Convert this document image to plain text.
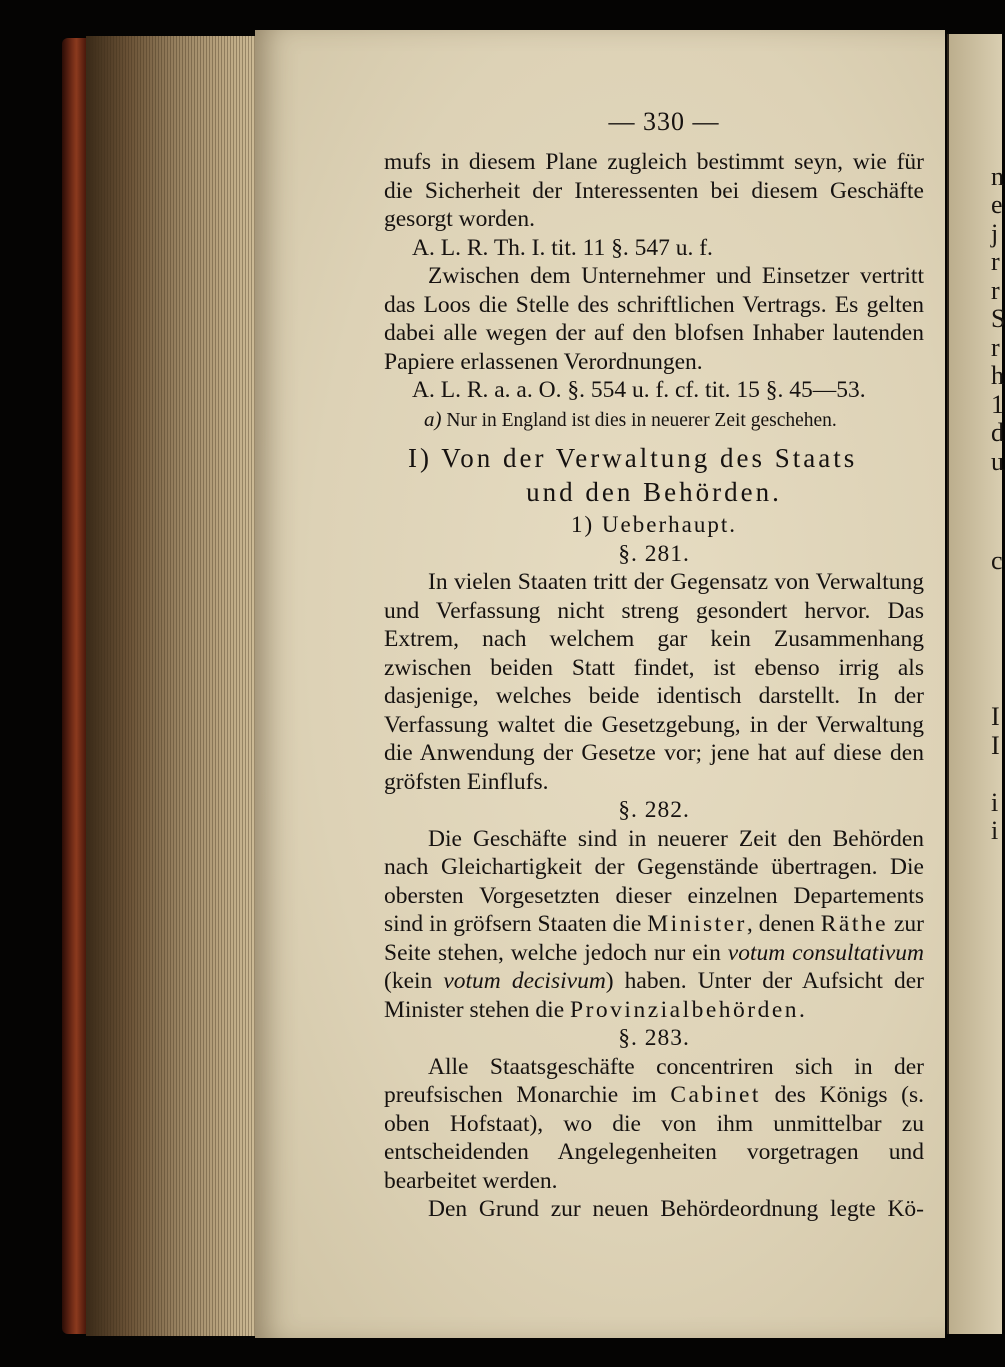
n
e
j
r
r
S
r
h
1
d
u
c
I
I
i
i
— 330 —
mufs in diesem Plane zugleich bestimmt seyn, wie für
die Sicherheit der Interessenten bei diesem Geschäfte
gesorgt worden.
A. L. R. Th. I. tit. 11 §. 547 u. f.
Zwischen dem Unternehmer und Einsetzer vertritt das Loos die Stelle des schriftlichen Vertrags. Es gelten dabei alle wegen der auf den blofsen Inhaber lautenden Papiere erlassenen Verordnungen.
A. L. R. a. a. O. §. 554 u. f. cf. tit. 15 §. 45—53.
a) Nur in England ist dies in neuerer Zeit geschehen.
I) Von der Verwaltung des Staats
und den Behörden.
1) Ueberhaupt.
§. 281.
In vielen Staaten tritt der Gegensatz von Verwaltung und Verfassung nicht streng gesondert hervor. Das Extrem, nach welchem gar kein Zusammenhang zwischen beiden Statt findet, ist ebenso irrig als dasjenige, welches beide identisch darstellt. In der Verfassung waltet die Gesetzgebung, in der Verwaltung die Anwendung der Gesetze vor; jene hat auf diese den gröfsten Einflufs.
§. 282.
Die Geschäfte sind in neuerer Zeit den Behörden nach Gleichartigkeit der Gegenstände übertragen. Die obersten Vorgesetzten dieser einzelnen Departements sind in gröfsern Staaten die Minister, denen Räthe zur Seite stehen, welche jedoch nur ein votum consultativum (kein votum decisivum) haben. Unter der Aufsicht der Minister stehen die Provinzialbehörden.
§. 283.
Alle Staatsgeschäfte concentriren sich in der preufsischen Monarchie im Cabinet des Königs (s. oben Hofstaat), wo die von ihm unmittelbar zu entscheidenden Angelegenheiten vorgetragen und bearbeitet werden.
Den Grund zur neuen Behördeordnung legte Kö-
